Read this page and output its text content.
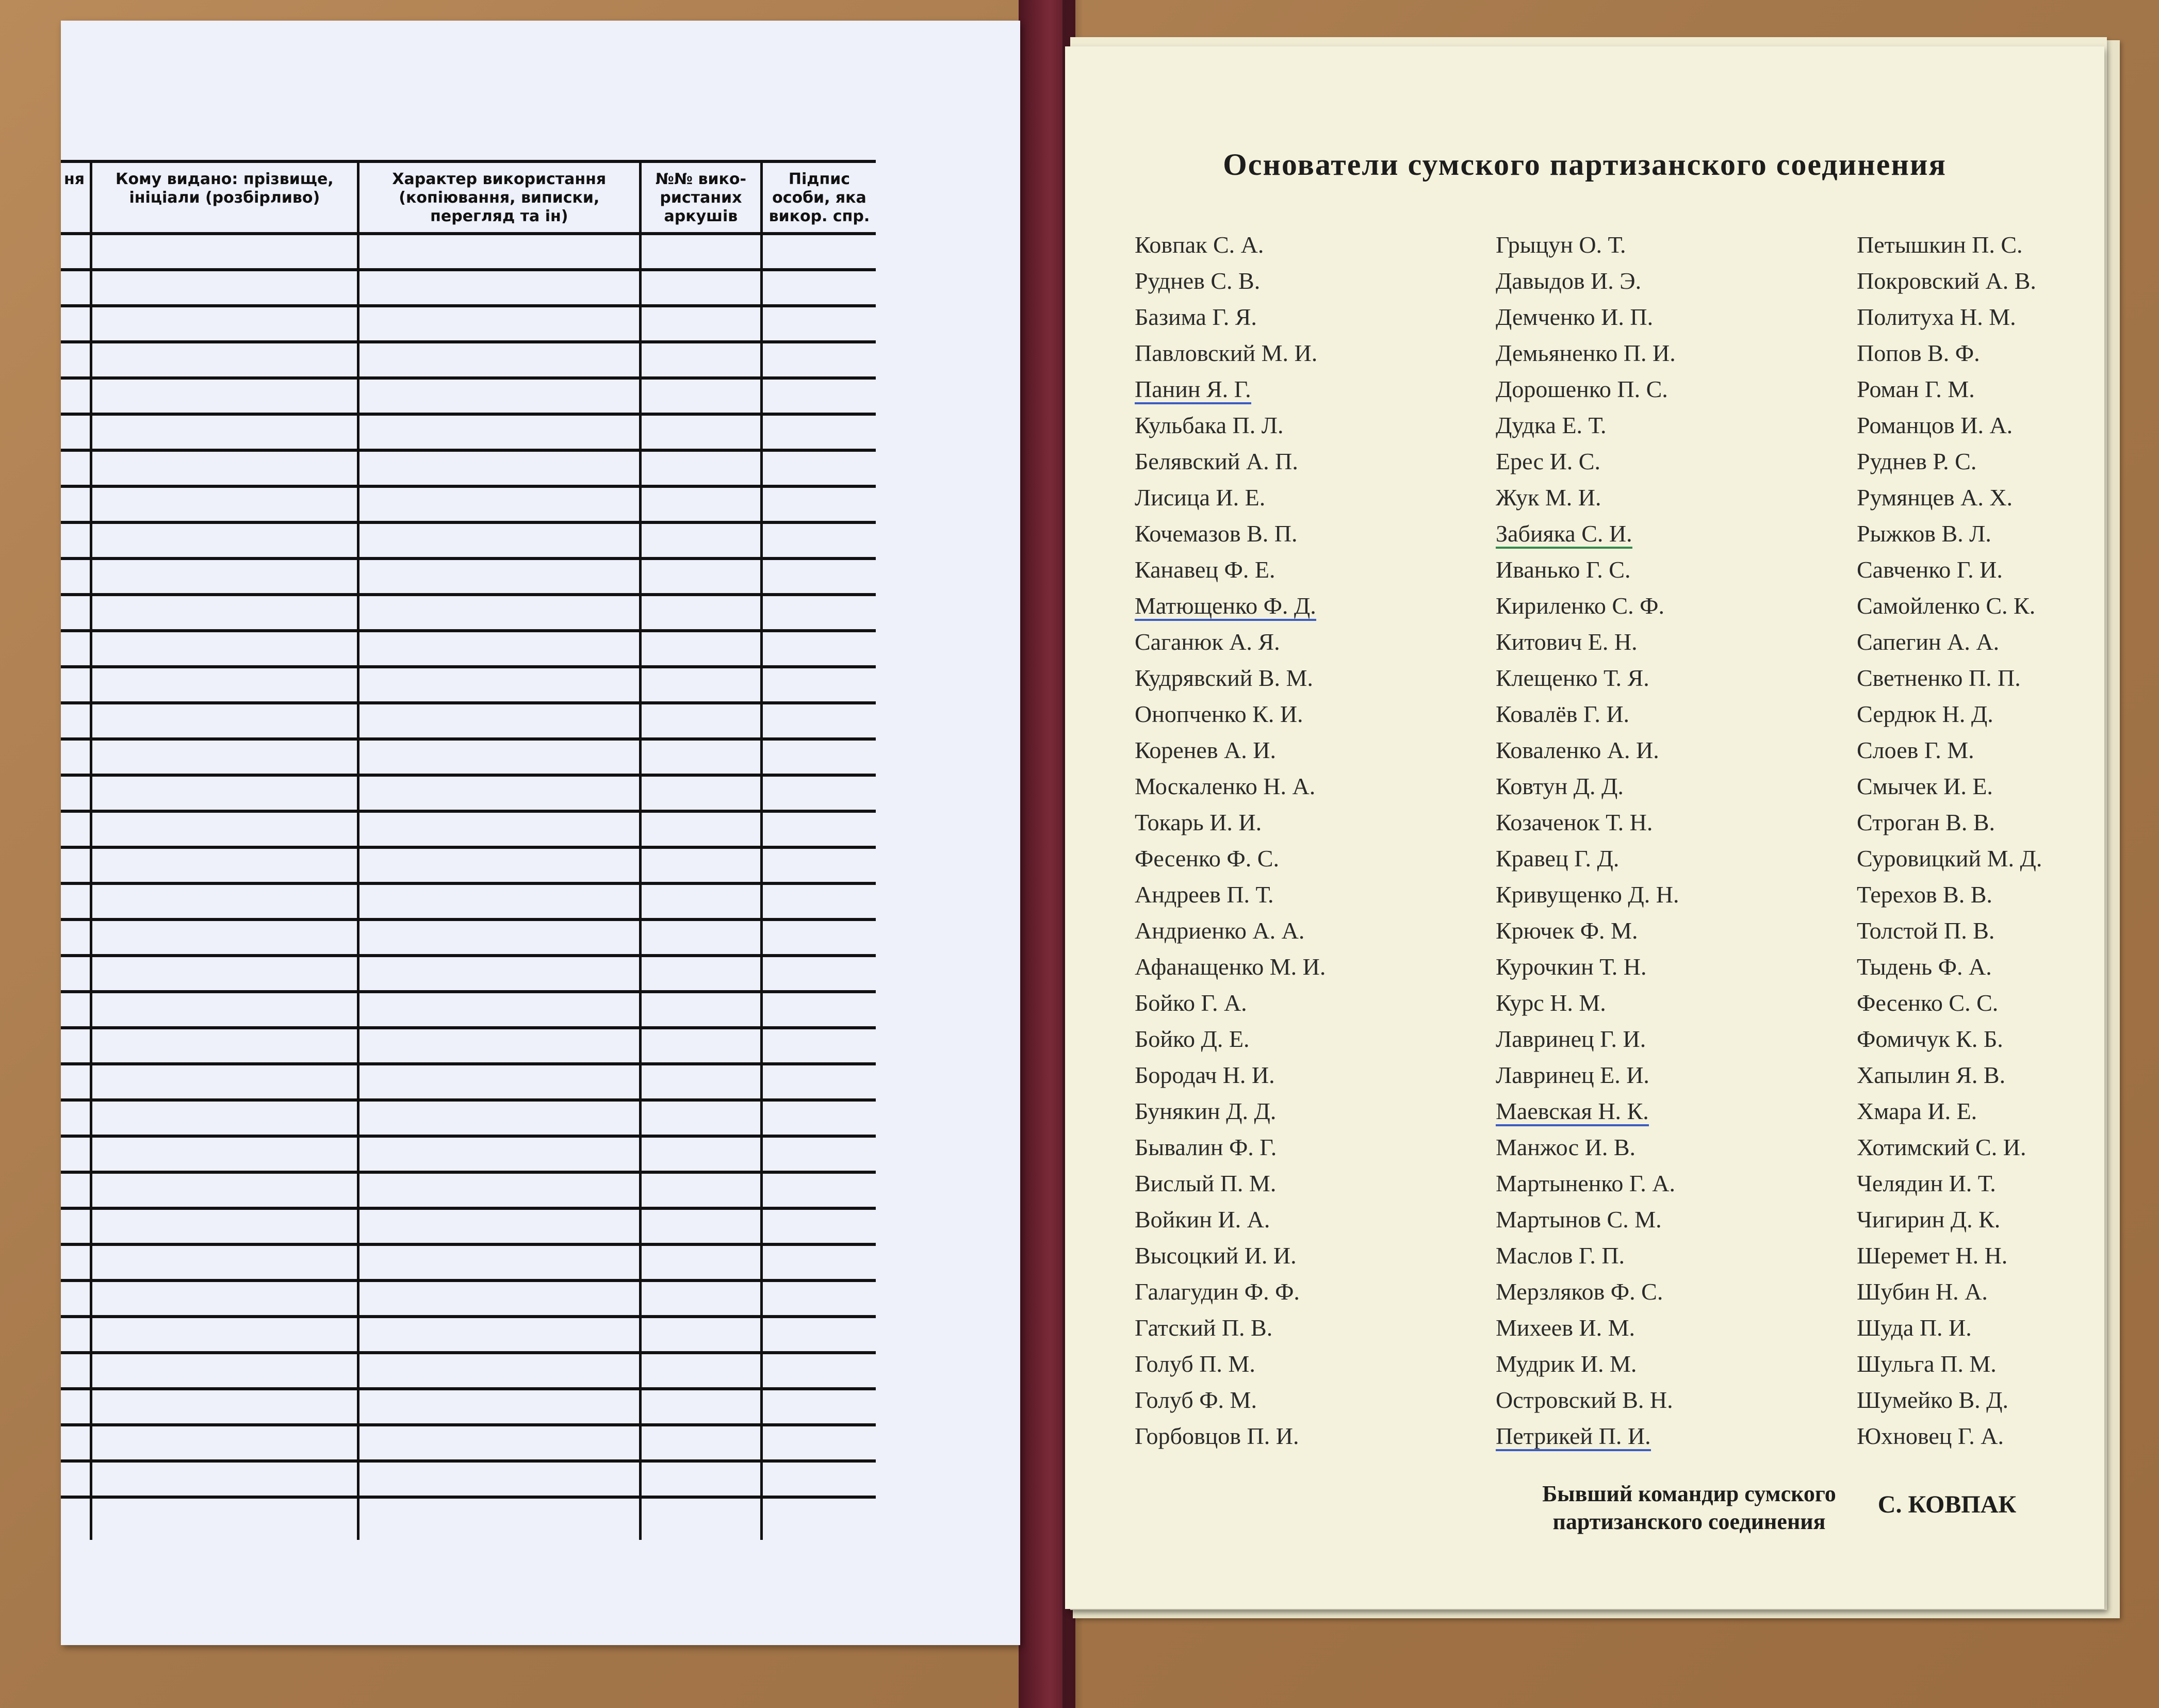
ня	Кому видано: прізвище, ініціали (розбірливо)	Характер використання (копіювання, виписки, перегляд та ін)	№№ вико-ристаних аркушів	Підпис особи, яка викор. спр.

Основатели сумского партизанского соединения
Ковпак С. А.
Руднев С. В.
Базима Г. Я.
Павловский М. И.
Панин Я. Г.
Кульбака П. Л.
Белявский А. П.
Лисица И. Е.
Кочемазов В. П.
Канавец Ф. Е.
Матющенко Ф. Д.
Саганюк А. Я.
Кудрявский В. М.
Онопченко К. И.
Коренев А. И.
Москаленко Н. А.
Токарь И. И.
Фесенко Ф. С.
Андреев П. Т.
Андриенко А. А.
Афанащенко М. И.
Бойко Г. А.
Бойко Д. Е.
Бородач Н. И.
Бунякин Д. Д.
Бывалин Ф. Г.
Вислый П. М.
Войкин И. А.
Высоцкий И. И.
Галагудин Ф. Ф.
Гатский П. В.
Голуб П. М.
Голуб Ф. М.
Горбовцов П. И.
Грыцун О. Т.
Давыдов И. Э.
Демченко И. П.
Демьяненко П. И.
Дорошенко П. С.
Дудка Е. Т.
Ерес И. С.
Жук М. И.
Забияка С. И.
Иванько Г. С.
Кириленко С. Ф.
Китович Е. Н.
Клещенко Т. Я.
Ковалёв Г. И.
Коваленко А. И.
Ковтун Д. Д.
Козаченок Т. Н.
Кравец Г. Д.
Кривущенко Д. Н.
Крючек Ф. М.
Курочкин Т. Н.
Курс Н. М.
Лавринец Г. И.
Лавринец Е. И.
Маевская Н. К.
Манжос И. В.
Мартыненко Г. А.
Мартынов С. М.
Маслов Г. П.
Мерзляков Ф. С.
Михеев И. М.
Мудрик И. М.
Островский В. Н.
Петрикей П. И.
Петышкин П. С.
Покровский А. В.
Политуха Н. М.
Попов В. Ф.
Роман Г. М.
Романцов И. А.
Руднев Р. С.
Румянцев А. Х.
Рыжков В. Л.
Савченко Г. И.
Самойленко С. К.
Сапегин А. А.
Светненко П. П.
Сердюк Н. Д.
Слоев Г. М.
Смычек И. Е.
Строган В. В.
Суровицкий М. Д.
Терехов В. В.
Толстой П. В.
Тыдень Ф. А.
Фесенко С. С.
Фомичук К. Б.
Хапылин Я. В.
Хмара И. Е.
Хотимский С. И.
Челядин И. Т.
Чигирин Д. К.
Шеремет Н. Н.
Шубин Н. А.
Шуда П. И.
Шульга П. М.
Шумейко В. Д.
Юхновец Г. А.
Бывший командир сумского
партизанского соединения
С. КОВПАК
